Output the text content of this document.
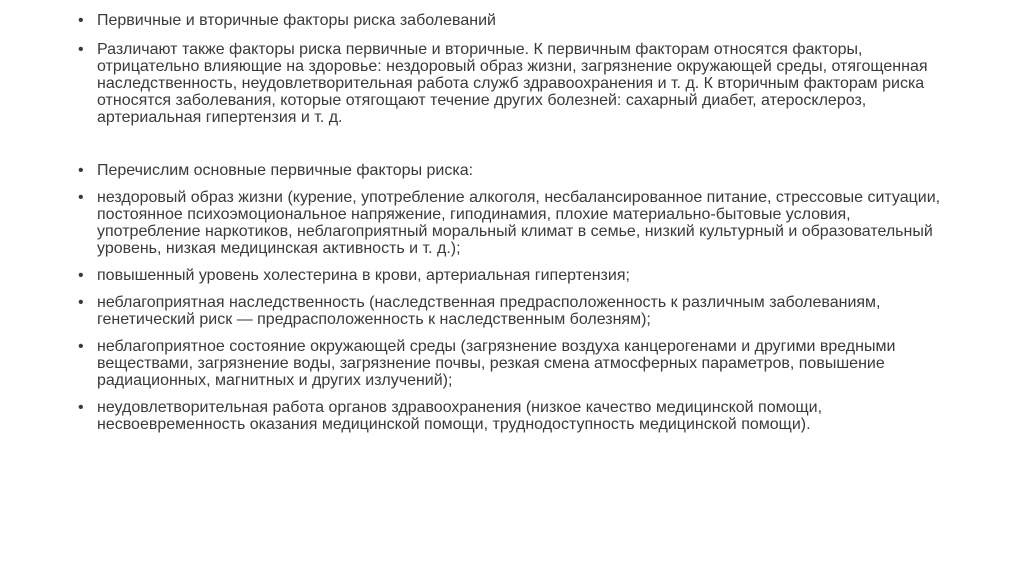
• Первичные и вторичные факторы риска заболеваний
• Различают также факторы риска первичные и вторичные. К первичным факторам относятся факторы, отрицательно влияющие на здоровье: нездоровый образ жизни, загрязнение окружающей среды, отягощенная наследственность, неудовлетворительная работа служб здравоохранения и т. д. К вторичным факторам риска относятся заболевания, которые отягощают течение других болезней: сахарный диабет, атеросклероз, артериальная гипертензия и т. д.
• Перечислим основные первичные факторы риска:
• нездоровый образ жизни (курение, употребление алкоголя, несбалансированное питание, стрессовые ситуации, постоянное психоэмоциональное напряжение, гиподинамия, плохие материально-бытовые условия, употребление наркотиков, неблагоприятный моральный климат в семье, низкий культурный и образовательный уровень, низкая медицинская активность и т. д.);
• повышенный уровень холестерина в крови, артериальная гипертензия;
• неблагоприятная наследственность (наследственная предрасположенность к различным заболеваниям, генетический риск — предрасположенность к наследственным болезням);
• неблагоприятное состояние окружающей среды (загрязнение воздуха канцерогенами и другими вредными веществами, загрязнение воды, загрязнение почвы, резкая смена атмосферных параметров, повышение радиационных, магнитных и других излучений);
• неудовлетворительная работа органов здравоохранения (низкое качество медицинской помощи, несвоевременность оказания медицинской помощи, труднодоступность медицинской помощи).
